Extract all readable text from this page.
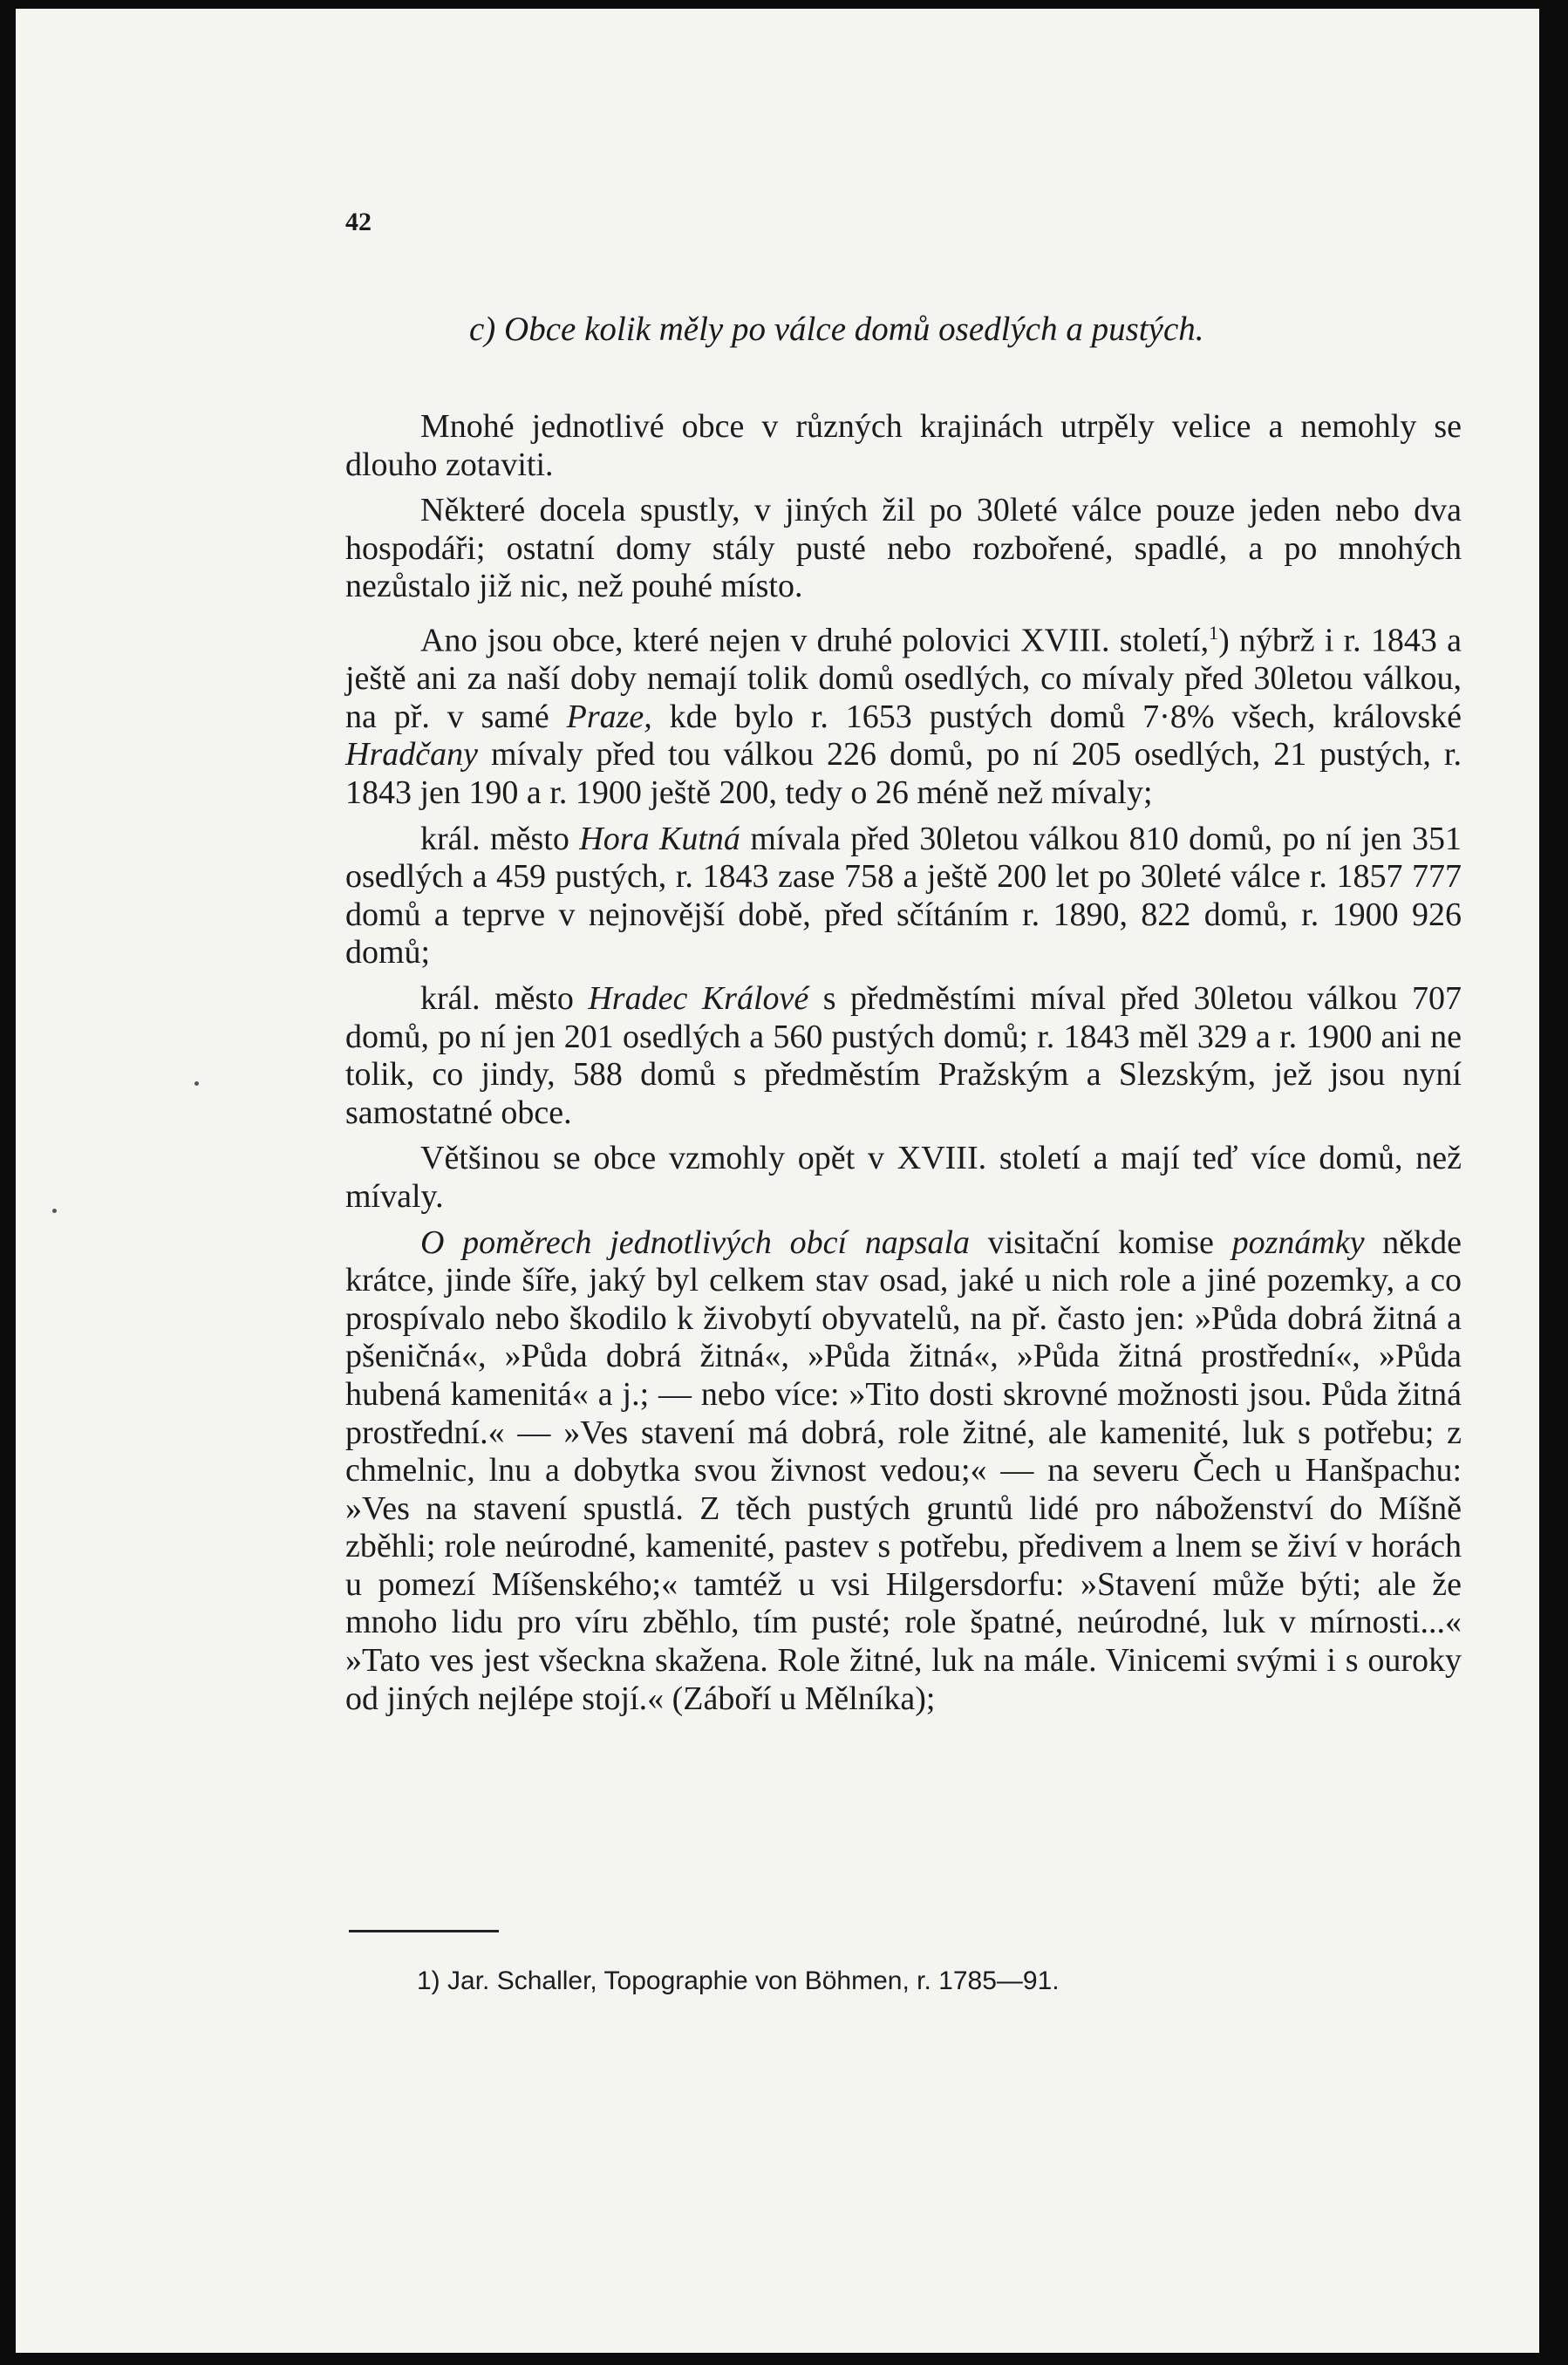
42
c) Obce kolik měly po válce domů osedlých a pustých.

Mnohé jednotlivé obce v různých krajinách utrpěly velice a nemohly se dlouho zotaviti.

Některé docela spustly, v jiných žil po 30leté válce pouze jeden nebo dva hospodáři; ostatní domy stály pusté nebo rozbořené, spadlé, a po mnohých nezůstalo již nic, než pouhé místo.

Ano jsou obce, které nejen v druhé polovici XVIII. století,$^1$) nýbrž i r. 1843 a ještě ani za naší doby nemají tolik domů osedlých, co mívaly před 30letou válkou, na př. v samé Praze, kde bylo r. 1653 pustých domů 7·8% všech, královské Hradčany mívaly před tou válkou 226 domů, po ní 205 osedlých, 21 pustých, r. 1843 jen 190 a r. 1900 ještě 200, tedy o 26 méně než mívaly;

král. město Hora Kutná mívala před 30letou válkou 810 domů, po ní jen 351 osedlých a 459 pustých, r. 1843 zase 758 a ještě 200 let po 30leté válce r. 1857 777 domů a teprve v nejnovější době, před sčítáním r. 1890, 822 domů, r. 1900 926 domů;

král. město Hradec Králové s předměstími míval před 30letou válkou 707 domů, po ní jen 201 osedlých a 560 pustých domů; r. 1843 měl 329 a r. 1900 ani ne tolik, co jindy, 588 domů s předměstím Pražským a Slezským, jež jsou nyní samostatné obce.

Většinou se obce vzmohly opět v XVIII. století a mají teď více domů, než mívaly.

O poměrech jednotlivých obcí napsala visitační komise poznámky někde krátce, jinde šíře, jaký byl celkem stav osad, jaké u nich role a jiné pozemky, a co prospívalo nebo škodilo k živobytí obyvatelů, na př. často jen: »Půda dobrá žitná a pšeničná«, »Půda dobrá žitná«, »Půda žitná«, »Půda žitná prostřední«, »Půda hubená kamenitá« a j.; — nebo více: »Tito dosti skrovné možnosti jsou. Půda žitná prostřední.« — »Ves stavení má dobrá, role žitné, ale kamenité, luk s potřebu; z chmelnic, lnu a dobytka svou živnost vedou;« — na severu Čech u Hanšpachu: »Ves na stavení spustlá. Z těch pustých gruntů lidé pro náboženství do Míšně zběhli; role neúrodné, kamenité, pastev s potřebu, předivem a lnem se živí v horách u pomezí Míšenského;« tamtéž u vsi Hilgersdorfu: »Stavení může býti; ale že mnoho lidu pro víru zběhlo, tím pusté; role špatné, neúrodné, luk v mírnosti...« »Tato ves jest všeckna skažena. Role žitné, luk na mále. Vinicemi svými i s ouroky od jiných nejlépe stojí.« (Záboří u Mělníka);

1) Jar. Schaller, Topographie von Böhmen, r. 1785—91.
